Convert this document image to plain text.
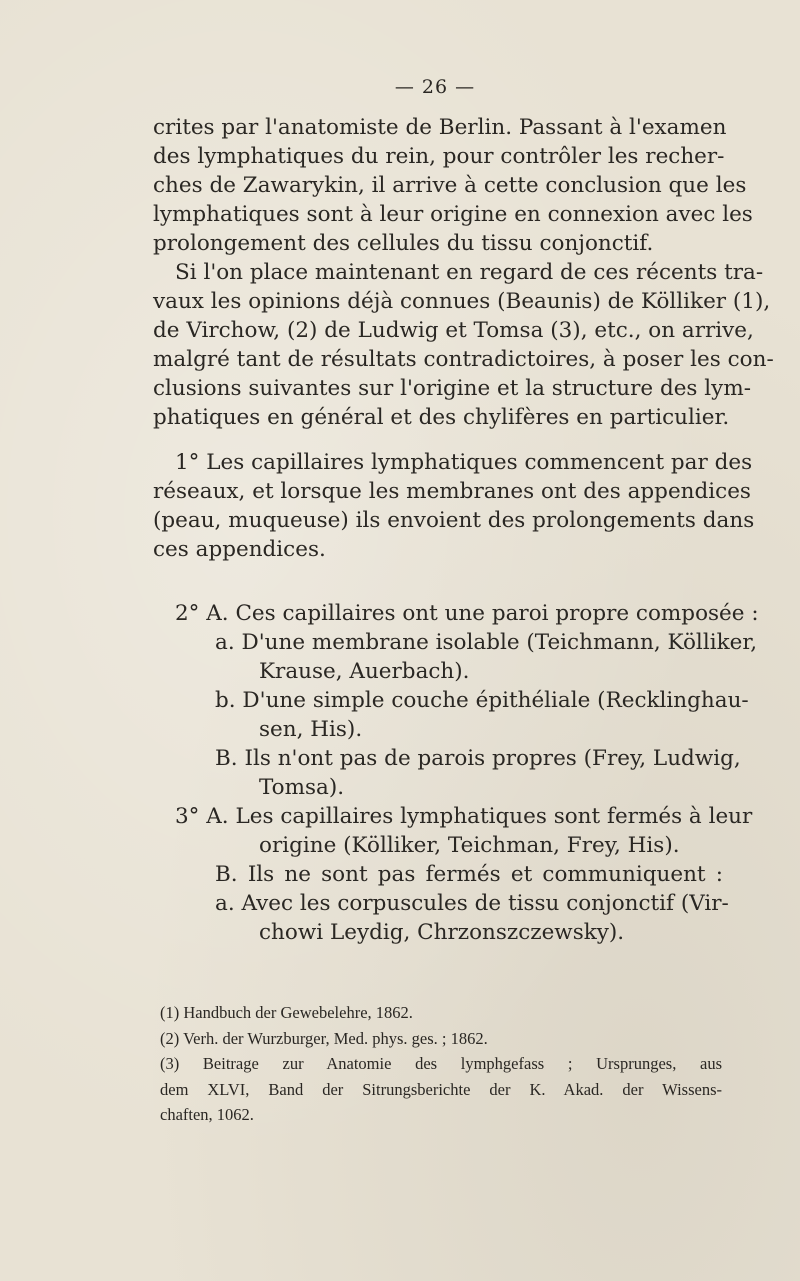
— 26 —
crites par l'anatomiste de Berlin. Passant à l'examen
des lymphatiques du rein, pour contrôler les recher-
ches de Zawarykin, il arrive à cette conclusion que les
lymphatiques sont à leur origine en connexion avec les
prolongement des cellules du tissu conjonctif.
Si l'on place maintenant en regard de ces récents tra-
vaux les opinions déjà connues (Beaunis) de Kölliker (1),
de Virchow, (2) de Ludwig et Tomsa (3), etc., on arrive,
malgré tant de résultats contradictoires, à poser les con-
clusions suivantes sur l'origine et la structure des lym-
phatiques en général et des chylifères en particulier.
1° Les capillaires lymphatiques commencent par des
réseaux, et lorsque les membranes ont des appendices
(peau, muqueuse) ils envoient des prolongements dans
ces appendices.
2° A. Ces capillaires ont une paroi propre composée :
a. D'une membrane isolable (Teichmann, Kölliker,
Krause, Auerbach).
b. D'une simple couche épithéliale (Recklinghau-
sen, His).
B. Ils n'ont pas de parois propres (Frey, Ludwig,
Tomsa).
3° A. Les capillaires lymphatiques sont fermés à leur
origine (Kölliker, Teichman, Frey, His).
B. Ils ne sont pas fermés et communiquent :
a. Avec les corpuscules de tissu conjonctif (Vir-
chowi Leydig, Chrzonszczewsky).
(1) Handbuch der Gewebelehre, 1862.
(2) Verh. der Wurzburger, Med. phys. ges. ; 1862.
(3) Beitrage zur Anatomie des lymphgefass ; Ursprunges, aus
dem XLVI, Band der Sitrungsberichte der K. Akad. der Wissens-
chaften, 1062.
